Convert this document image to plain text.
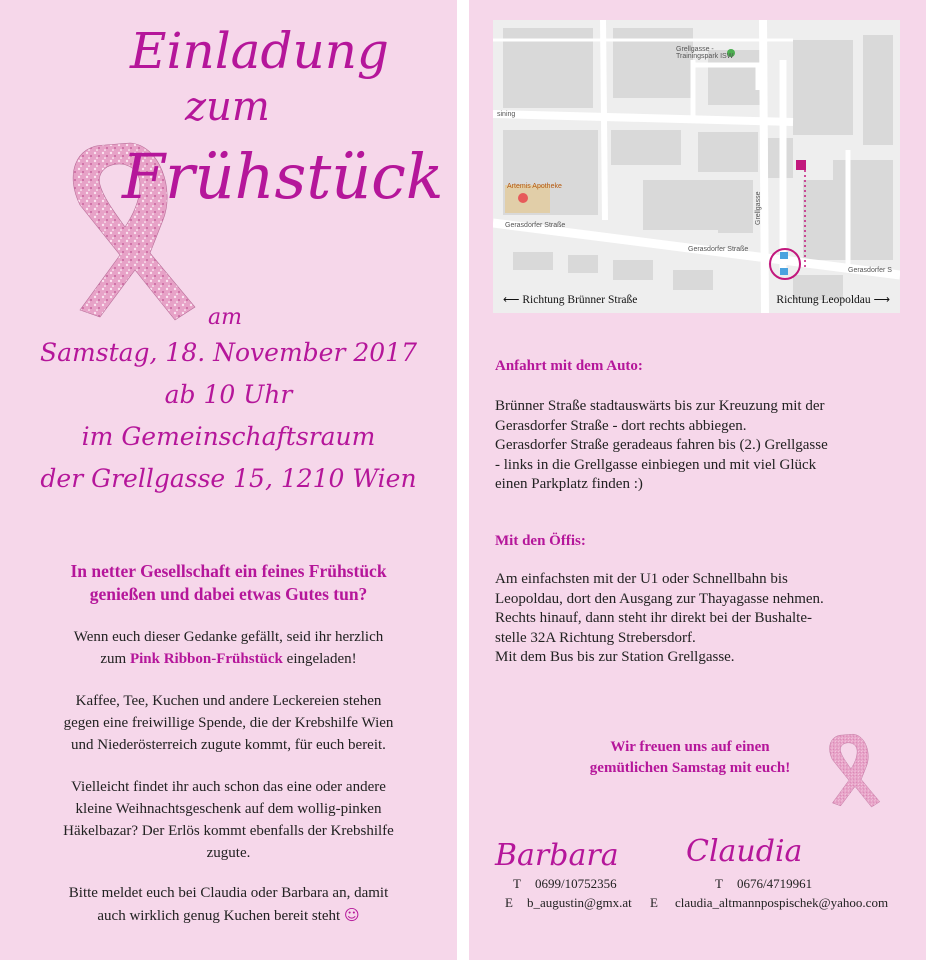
Einladung
zum
Frühstück
am
Samstag, 18. November 2017
ab 10 Uhr
im Gemeinschaftsraum
der Grellgasse 15, 1210 Wien
In netter Gesellschaft ein feines Frühstück
genießen und dabei etwas Gutes tun?
Wenn euch dieser Gedanke gefällt, seid ihr herzlich
zum Pink Ribbon-Frühstück eingeladen!
Kaffee, Tee, Kuchen und andere Leckereien stehen
gegen eine freiwillige Spende, die der Krebshilfe Wien
und Niederösterreich zugute kommt, für euch bereit.
Vielleicht findet ihr auch schon das eine oder andere
kleine Weihnachtsgeschenk auf dem wollig-pinken
Häkelbazar? Der Erlös kommt ebenfalls der Krebshilfe
zugute.
Bitte meldet euch bei Claudia oder Barbara an, damit
auch wirklich genug Kuchen bereit steht ☺
Grellgasse -
Trainingspark ISW
sining
Artemis Apotheke
Gerasdorfer Straße
Gerasdorfer Straße
Gerasdorfer S
Grellgasse
⟵ Richtung Brünner Straße	Richtung Leopoldau ⟶
Anfahrt mit dem Auto:
Brünner Straße stadtauswärts bis zur Kreuzung mit der
Gerasdorfer Straße - dort rechts abbiegen.
Gerasdorfer Straße geradeaus fahren bis (2.) Grellgasse
- links in die Grellgasse einbiegen und mit viel Glück
einen Parkplatz finden :)
Mit den Öffis:
Am einfachsten mit der U1 oder Schnellbahn bis
Leopoldau, dort den Ausgang zur Thayagasse nehmen.
Rechts hinauf, dann steht ihr direkt bei der Bushalte-
stelle 32A Richtung Strebersdorf.
Mit dem Bus bis zur Station Grellgasse.
Wir freuen uns auf einen
gemütlichen Samstag mit euch!
Barbara Claudia
T 0699/10752356
E b_augustin@gmx.at
T 0676/4719961
E claudia_altmannpospischek@yahoo.com
